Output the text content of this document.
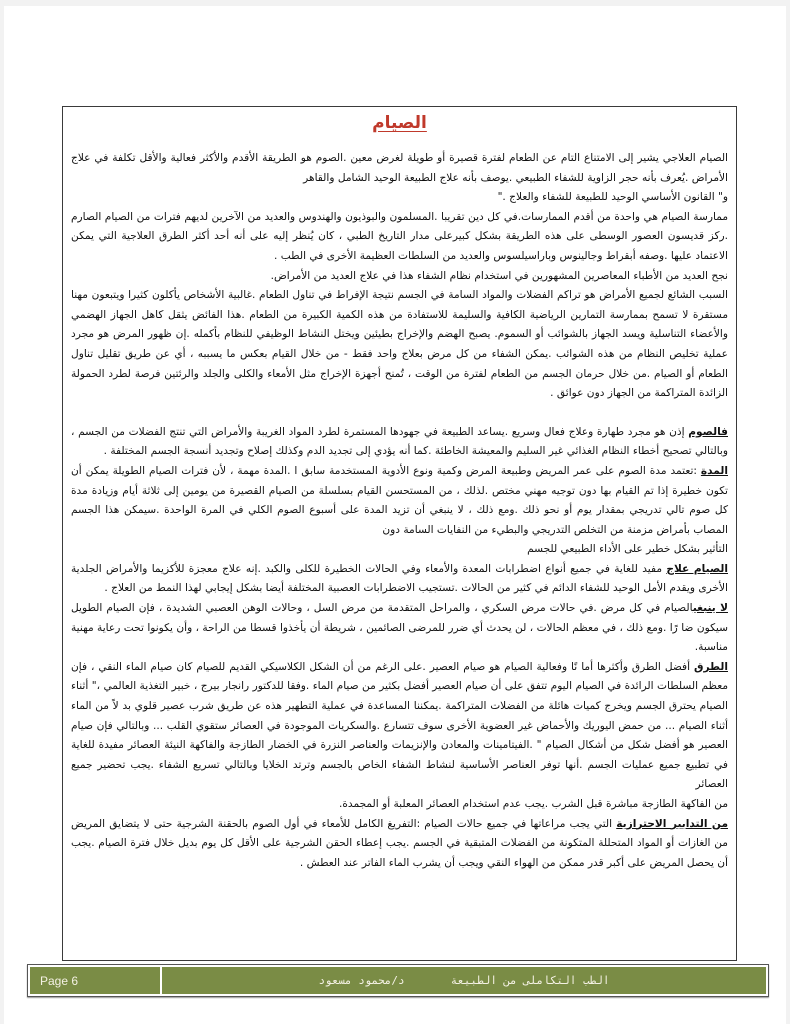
الصيام

الصيام العلاجي يشير إلى الامتناع التام عن الطعام لفترة قصيرة أو طويلة لغرض معين .الصوم هو الطريقة الأقدم والأكثر فعالية والأقل تكلفة في علاج الأمراض .يُعرف بأنه حجر الزاوية للشفاء الطبيعي .يوصف بأنه علاج الطبيعة الوحيد الشامل والقاهر

و" القانون الأساسي الوحيد للطبيعة للشفاء والعلاج ."

ممارسة الصيام هي واحدة من أقدم الممارسات.في كل دين تقريبا .المسلمون والبوذيون والهندوس والعديد من الآخرين لديهم فترات من الصيام الصارم .ركز قديسون العصور الوسطى على هذه الطريقة بشكل كبيرعلى مدار التاريخ الطبي ، كان يُنظر إليه على أنه أحد أكثر الطرق العلاجية التي يمكن الاعتماد عليها .وصفه أبقراط وجالينوس وباراسيلسوس والعديد من السلطات العظيمة الأخرى في الطب .

نجح العديد من الأطباء المعاصرين المشهورين في استخدام نظام الشفاء هذا في علاج العديد من الأمراض.

السبب الشائع لجميع الأمراض هو تراكم الفضلات والمواد السامة في الجسم نتيجة الإفراط في تناول الطعام .غالبية الأشخاص يأكلون كثيرا ويتبعون مهنا مستقرة لا تسمح بممارسة التمارين الرياضية الكافية والسليمة للاستفادة من هذه الكمية الكبيرة من الطعام .هذا الفائض يثقل كاهل الجهاز الهضمي والأعضاء التناسلية ويسد الجهاز بالشوائب أو السموم. يصبح الهضم والإخراج بطيئين ويختل النشاط الوظيفي للنظام بأكمله .إن ظهور المرض هو مجرد عملية تخليص النظام من هذه الشوائب .يمكن الشفاء من كل مرض بعلاج واحد فقط - من خلال القيام بعكس ما يسببه ، أي عن طريق تقليل تناول الطعام أو الصيام .من خلال حرمان الجسم من الطعام لفترة من الوقت ، تُمنح أجهزة الإخراج مثل الأمعاء والكلى والجلد والرئتين فرصة لطرد الحمولة الزائدة المتراكمة من الجهاز دون عوائق .

فالصوم إذن هو مجرد طهارة وعلاج فعال وسريع .يساعد الطبيعة في جهودها المستمرة لطرد المواد الغريبة والأمراض التي تنتج الفضلات من الجسم ، وبالتالي تصحيح أخطاء النظام الغذائي غير السليم والمعيشة الخاطئة .كما أنه يؤدي إلى تجديد الدم وكذلك إصلاح وتجديد أنسجة الجسم المختلفة .

المدة :تعتمد مدة الصوم على عمر المريض وطبيعة المرض وكمية ونوع الأدوية المستخدمة سابق ا .المدة مهمة ، لأن فترات الصيام الطويلة يمكن أن تكون خطيرة إذا تم القيام بها دون توجيه مهني مختص .لذلك ، من المستحسن القيام بسلسلة من الصيام القصيرة من يومين إلى ثلاثة أيام وزيادة مدة كل صوم تالي تدريجي بمقدار يوم أو نحو ذلك .ومع ذلك ، لا ينبغي أن تزيد المدة على أسبوع الصوم الكلي في المرة الواحدة .سيمكن هذا الجسم المصاب بأمراض مزمنة من التخلص التدريجي والبطيء من النفايات السامة دون

التأثير بشكل خطير على الأداء الطبيعي للجسم

الصيام علاج مفيد للغاية في جميع أنواع اضطرابات المعدة والأمعاء وفي الحالات الخطيرة للكلى والكبد .إنه علاج معجزة للأكزيما والأمراض الجلدية الأخرى ويقدم الأمل الوحيد للشفاء الدائم في كثير من الحالات .تستجيب الاضطرابات العصبية المختلفة أيضا بشكل إيجابي لهذا النمط من العلاج .

لا ينبغيالصيام في كل مرض .في حالات مرض السكري ، والمراحل المتقدمة من مرض السل ، وحالات الوهن العصبي الشديدة ، فإن الصيام الطويل سيكون ضا رًا .ومع ذلك ، في معظم الحالات ، لن يحدث أي ضرر للمرضى الصائمين ، شريطة أن يأخذوا قسطا من الراحة ، وأن يكونوا تحت رعاية مهنية مناسبة.

الطرق أفضل الطرق وأكثرها أما نًا وفعالية الصيام هو صيام العصير .على الرغم من أن الشكل الكلاسيكي القديم للصيام كان صيام الماء النقي ، فإن معظم السلطات الرائدة في الصيام اليوم تتفق على أن صيام العصير أفضل بكثير من صيام الماء .وفقا للدكتور رانجار بيرج ، خبير التغذية العالمي ،" أثناء الصيام يحترق الجسم ويخرج كميات هائلة من الفضلات المتراكمة .يمكننا المساعدة في عملية التطهير هذه عن طريق شرب عصير قلوي بد لاً من الماء أثناء الصيام ... من حمض اليوريك والأحماض غير العضوية الأخرى سوف تتسارع .والسكريات الموجودة في العصائر ستقوي القلب ... وبالتالي فإن صيام العصير هو أفضل شكل من أشكال الصيام " .الفيتامينات والمعادن والإنزيمات والعناصر النزرة في الخضار الطازجة والفاكهة النيئة العصائر مفيدة للغاية في تطبيع جميع عمليات الجسم .أنها توفر العناصر الأساسية لنشاط الشفاء الخاص بالجسم وترتد الخلايا وبالتالي تسريع الشفاء .يجب تحضير جميع العصائر

من الفاكهة الطازجة مباشرة قبل الشرب .يجب عدم استخدام العصائر المعلبة أو المجمدة.

من التدابير الاحترازية التي يجب مراعاتها في جميع حالات الصيام :التفريغ الكامل للأمعاء في أول الصوم بالحقنة الشرجية حتى لا يتضايق المريض من الغازات أو المواد المتحللة المتكونة من الفضلات المتبقية في الجسم .يجب إعطاء الحقن الشرجية على الأقل كل يوم بديل خلال فترة الصيام .يجب أن يحصل المريض على أكبر قدر ممكن من الهواء النقي ويجب أن يشرب الماء الفاتر عند العطش .

Page 6	الطب التكاملى من الطبيعة
د/محمود مسعود
